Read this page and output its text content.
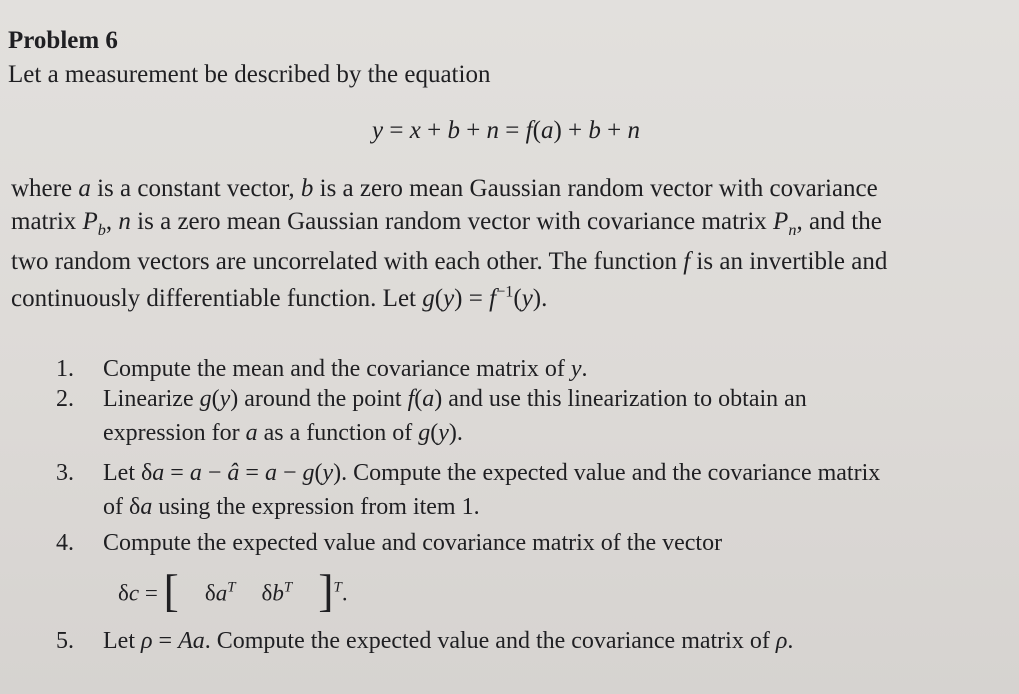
Problem 6
Let a measurement be described by the equation
y = x + b + n = f(a) + b + n
where a is a constant vector, b is a zero mean Gaussian random vector with covariance
matrix $P_b$, n is a zero mean Gaussian random vector with covariance matrix $P_n$, and the
two random vectors are uncorrelated with each other. The function f is an invertible and
continuously differentiable function. Let $g(y) = f^{-1}(y)$.
1. Compute the mean and the covariance matrix of y.
2. Linearize g(y) around the point f(a) and use this linearization to obtain an
expression for a as a function of g(y).
3. Let δa = a − â = a − g(y). Compute the expected value and the covariance matrix
of δa using the expression from item 1.
4. Compute the expected value and covariance matrix of the vector
δc = [ $\delta a^T$ $\delta b^T$ ]$^T$.
5. Let ρ = Aa. Compute the expected value and the covariance matrix of ρ.
